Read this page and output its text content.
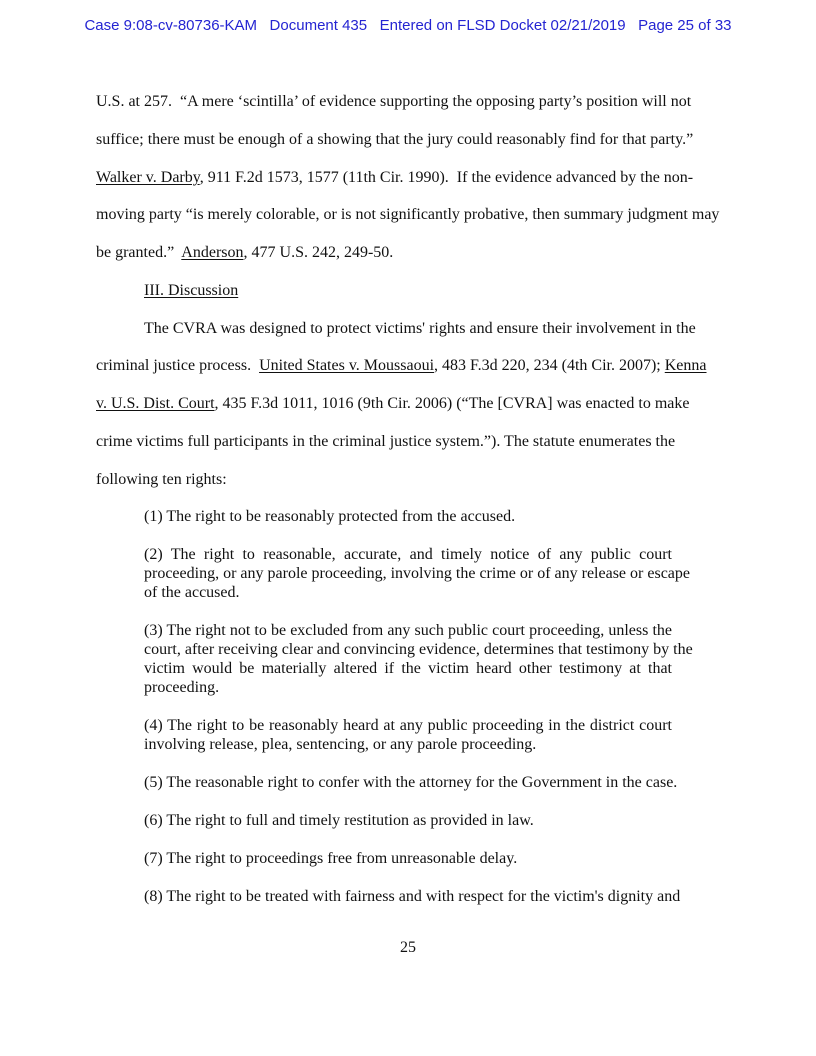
Case 9:08-cv-80736-KAM   Document 435   Entered on FLSD Docket 02/21/2019   Page 25 of 33
U.S. at 257.  “A mere ‘scintilla’ of evidence supporting the opposing party’s position will not
suffice; there must be enough of a showing that the jury could reasonably find for that party.”
Walker v. Darby, 911 F.2d 1573, 1577 (11th Cir. 1990).  If the evidence advanced by the non-
moving party “is merely colorable, or is not significantly probative, then summary judgment may
be granted.”  Anderson, 477 U.S. 242, 249-50.
III. Discussion
The CVRA was designed to protect victims' rights and ensure their involvement in the
criminal justice process.  United States v. Moussaoui, 483 F.3d 220, 234 (4th Cir. 2007); Kenna
v. U.S. Dist. Court, 435 F.3d 1011, 1016 (9th Cir. 2006) (“The [CVRA] was enacted to make
crime victims full participants in the criminal justice system.”). The statute enumerates the
following ten rights:
(1) The right to be reasonably protected from the accused.
(2) The right to reasonable, accurate, and timely notice of any public court
proceeding, or any parole proceeding, involving the crime or of any release or escape
of the accused.
(3) The right not to be excluded from any such public court proceeding, unless the
court, after receiving clear and convincing evidence, determines that testimony by the
victim would be materially altered if the victim heard other testimony at that
proceeding.
(4) The right to be reasonably heard at any public proceeding in the district court
involving release, plea, sentencing, or any parole proceeding.
(5) The reasonable right to confer with the attorney for the Government in the case.
(6) The right to full and timely restitution as provided in law.
(7) The right to proceedings free from unreasonable delay.
(8) The right to be treated with fairness and with respect for the victim's dignity and
25
